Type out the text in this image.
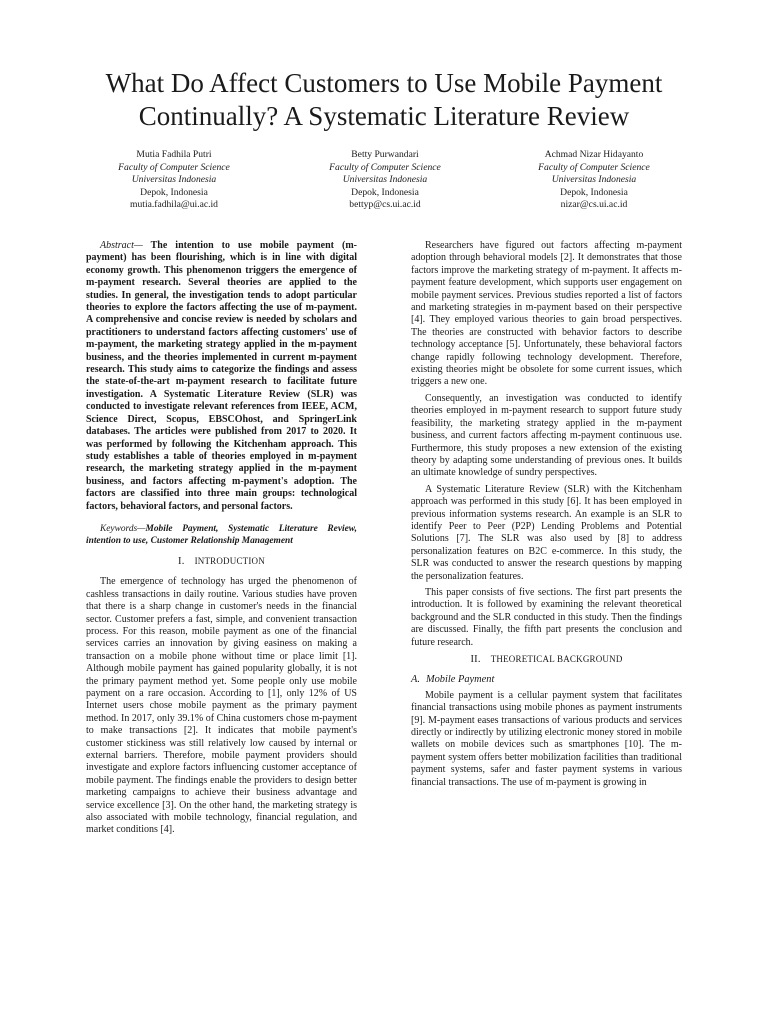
What Do Affect Customers to Use Mobile Payment Continually? A Systematic Literature Review
Mutia Fadhila Putri
Faculty of Computer Science
Universitas Indonesia
Depok, Indonesia
mutia.fadhila@ui.ac.id
Betty Purwandari
Faculty of Computer Science
Universitas Indonesia
Depok, Indonesia
bettyp@cs.ui.ac.id
Achmad Nizar Hidayanto
Faculty of Computer Science
Universitas Indonesia
Depok, Indonesia
nizar@cs.ui.ac.id

Abstract— The intention to use mobile payment (m-payment) has been flourishing, which is in line with digital economy growth. This phenomenon triggers the emergence of m-payment research. Several theories are applied to the studies. In general, the investigation tends to adopt particular theories to explore the factors affecting the use of m-payment. A comprehensive and concise review is needed by scholars and practitioners to understand factors affecting customers' use of m-payment, the marketing strategy applied in the m-payment business, and the theories implemented in current m-payment research. This study aims to categorize the findings and assess the state-of-the-art m-payment research to facilitate future investigation. A Systematic Literature Review (SLR) was conducted to investigate relevant references from IEEE, ACM, Science Direct, Scopus, EBSCOhost, and SpringerLink databases. The articles were published from 2017 to 2020. It was performed by following the Kitchenham approach. This study establishes a table of theories employed in m-payment research, the marketing strategy applied in the m-payment business, and factors affecting m-payment's adoption. The factors are classified into three main groups: technological factors, behavioral factors, and personal factors.

Keywords—Mobile Payment, Systematic Literature Review, intention to use, Customer Relationship Management

I. INTRODUCTION

The emergence of technology has urged the phenomenon of cashless transactions in daily routine. Various studies have proven that there is a sharp change in customer's needs in the financial sector. Customer prefers a fast, simple, and convenient transaction process. For this reason, mobile payment as one of the financial services carries an innovation by giving easiness on making a transaction on a mobile phone without time or place limit [1]. Although mobile payment has gained popularity globally, it is not the primary payment method yet. Some people only use mobile payment on a rare occasion. According to [1], only 12% of US Internet users chose mobile payment as the primary payment method. In 2017, only 39.1% of China customers chose m-payment to make transactions [2]. It indicates that mobile payment's customer stickiness was still relatively low caused by internal or external barriers. Therefore, mobile payment providers should investigate and explore factors influencing customer acceptance of mobile payment. The findings enable the providers to design better marketing campaigns to achieve their business advantage and service excellence [3]. On the other hand, the marketing strategy is also associated with mobile technology, financial regulation, and market conditions [4].

Researchers have figured out factors affecting m-payment adoption through behavioral models [2]. It demonstrates that those factors improve the marketing strategy of m-payment. It affects m-payment feature development, which supports user engagement on mobile payment services. Previous studies reported a list of factors and marketing strategies in m-payment based on their perspective [4]. They employed various theories to gain broad perspectives. The theories are constructed with behavior factors to describe technology acceptance [5]. Unfortunately, these behavioral factors change rapidly following technology development. Therefore, existing theories might be obsolete for some current issues, which triggers a new one.

Consequently, an investigation was conducted to identify theories employed in m-payment research to support future study feasibility, the marketing strategy applied in the m-payment business, and current factors affecting m-payment continuous use. Furthermore, this study proposes a new extension of the existing theory by adapting some understanding of previous ones. It builds an ultimate knowledge of sundry perspectives.

A Systematic Literature Review (SLR) with the Kitchenham approach was performed in this study [6]. It has been employed in previous information systems research. An example is an SLR to identify Peer to Peer (P2P) Lending Problems and Potential Solutions [7]. The SLR was also used by [8] to address personalization features on B2C e-commerce. In this study, the SLR was conducted to answer the research questions by mapping the personalization features.

This paper consists of five sections. The first part presents the introduction. It is followed by examining the relevant theoretical background and the SLR conducted in this study. Then the findings are discussed. Finally, the fifth part presents the conclusion and future research.

II. THEORETICAL BACKGROUND
A. Mobile Payment

Mobile payment is a cellular payment system that facilitates financial transactions using mobile phones as payment instruments [9]. M-payment eases transactions of various products and services directly or indirectly by utilizing electronic money stored in mobile wallets on mobile devices such as smartphones [10]. The m-payment system offers better mobilization facilities than traditional payment systems, safer and faster payment systems in various financial transactions. The use of m-payment is growing in
